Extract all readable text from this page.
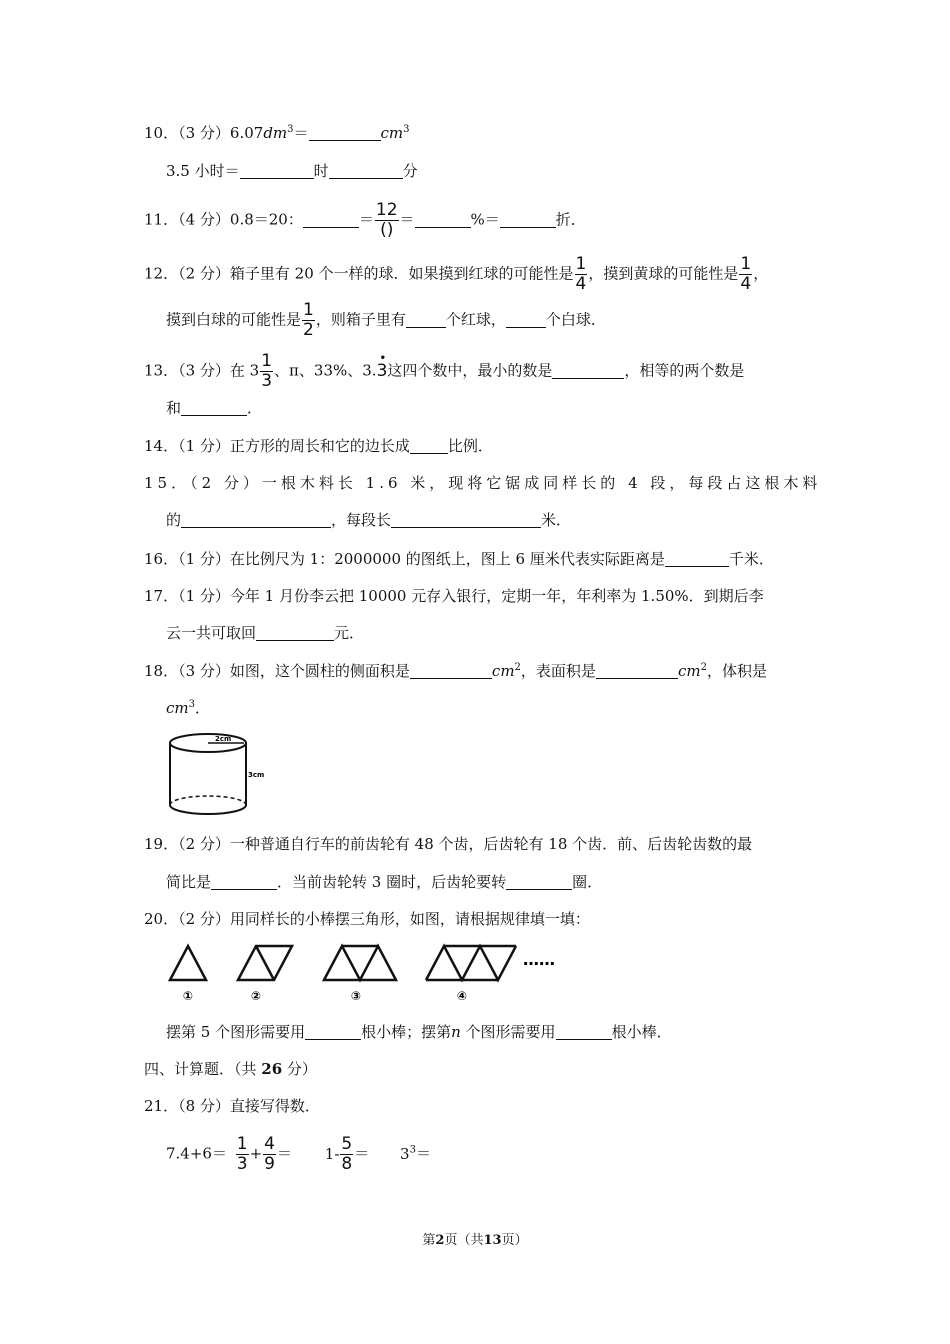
10．（3 分）$6.07dm^3=$	$cm^3$
3.5 小时＝	时	分
11．（4 分）0.8＝20：	＝ $\frac{12}{()}$ ＝	%＝	折．
12．（2 分）箱子里有 20 个一样的球．如果摸到红球的可能性是 $\frac{1}{4}$ ，摸到黄球的可能性是 $\frac{1}{4}$ ，
摸到白球的可能性是 $\frac{1}{2}$ ，则箱子里有	个红球，	个白球．
13．（3 分）在 $3 \frac{1}{3}$ 、π、33%、3.
•
3这四个数中，最小的数是	，相等的两个数是
和	．
14．（1 分）正方形的周长和它的边长成	比例．
15．（2 分）一根木料长 1.6 米，现将它锯成同样长的 4 段，每段占这根木料
的	，每段长	米．
16．（1 分）在比例尺为 1：2000000 的图纸上，图上 6 厘米代表实际距离是	千米．
17．（1 分）今年 1 月份李云把 10000 元存入银行，定期一年，年利率为 1.50%．到期后李
云一共可取回	元．
18．（3 分）如图，这个圆柱的侧面积是	$cm^2$，表面积是	$cm^2$，体积是
$cm^3$．
2cm
3cm
19．（2 分）一种普通自行车的前齿轮有 48 个齿，后齿轮有 18 个齿．前、后齿轮齿数的最
简比是	．当前齿轮转 3 圈时，后齿轮要转	圈．
20．（2 分）用同样长的小棒摆三角形，如图，请根据规律填一填：
……
①	②	③	④
摆第 5 个图形需要用	根小棒；摆第n 个图形需要用	根小棒．
四、计算题．（共 26 分）
21．（8 分）直接写得数．
$7.4+6= \frac{1}{3} + \frac{4}{9} = 1- \frac{5}{8} = 3^3=$
第2页（共13页）
